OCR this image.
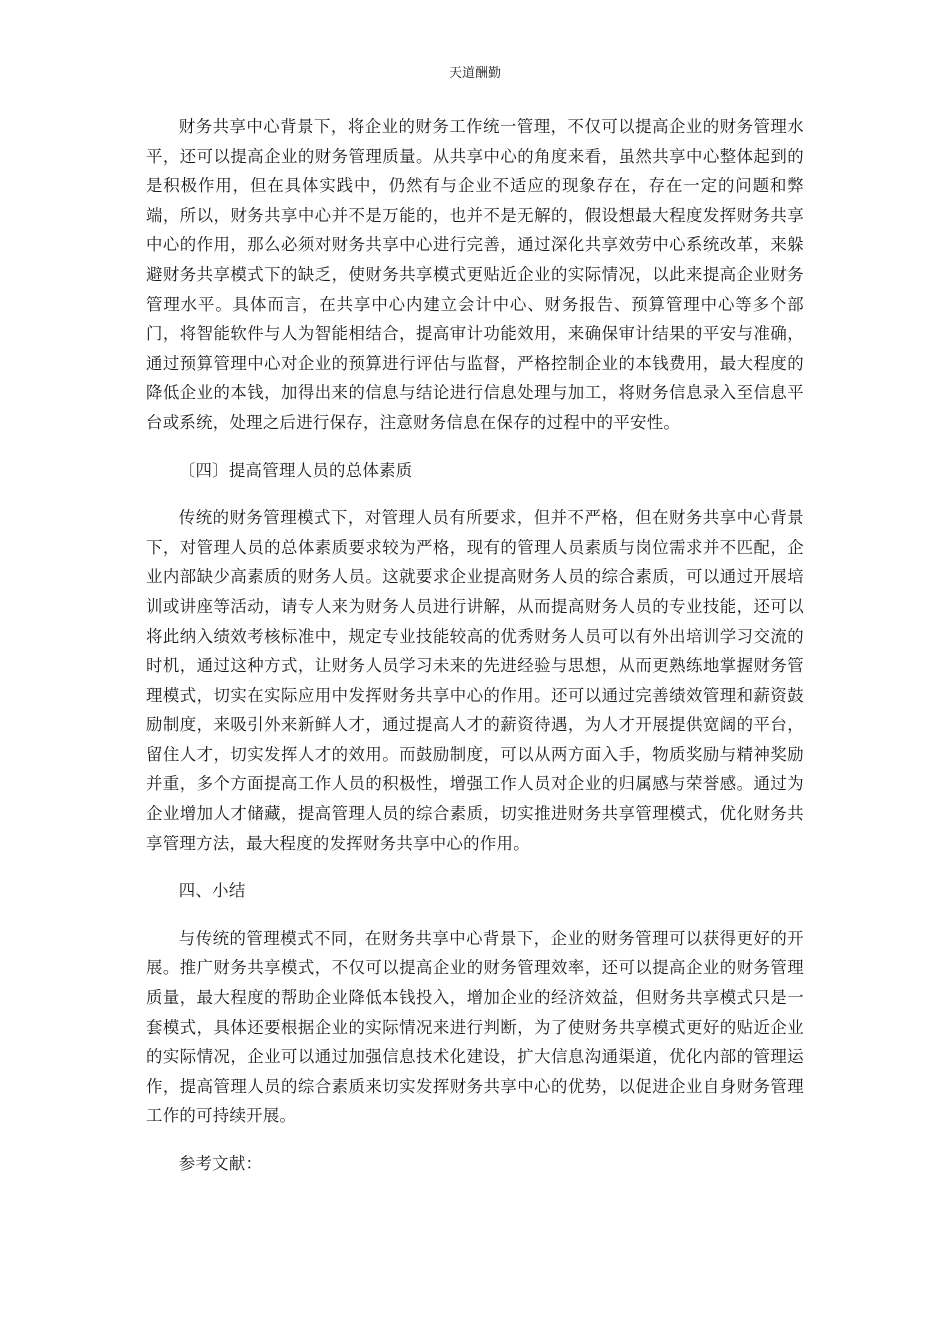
天道酬勤

财务共享中心背景下，将企业的财务工作统一管理，不仅可以提高企业的财务管理水平，还可以提高企业的财务管理质量。从共享中心的角度来看，虽然共享中心整体起到的是积极作用，但在具体实践中，仍然有与企业不适应的现象存在，存在一定的问题和弊端，所以，财务共享中心并不是万能的，也并不是无解的，假设想最大程度发挥财务共享中心的作用，那么必须对财务共享中心进行完善，通过深化共享效劳中心系统改革，来躲避财务共享模式下的缺乏，使财务共享模式更贴近企业的实际情况，以此来提高企业财务管理水平。具体而言，在共享中心内建立会计中心、财务报告、预算管理中心等多个部门，将智能软件与人为智能相结合，提高审计功能效用，来确保审计结果的平安与准确，通过预算管理中心对企业的预算进行评估与监督，严格控制企业的本钱费用，最大程度的降低企业的本钱，加得出来的信息与结论进行信息处理与加工，将财务信息录入至信息平台或系统，处理之后进行保存，注意财务信息在保存的过程中的平安性。

〔四〕提高管理人员的总体素质

传统的财务管理模式下，对管理人员有所要求，但并不严格，但在财务共享中心背景下，对管理人员的总体素质要求较为严格，现有的管理人员素质与岗位需求并不匹配，企业内部缺少高素质的财务人员。这就要求企业提高财务人员的综合素质，可以通过开展培训或讲座等活动，请专人来为财务人员进行讲解，从而提高财务人员的专业技能，还可以将此纳入绩效考核标准中，规定专业技能较高的优秀财务人员可以有外出培训学习交流的时机，通过这种方式，让财务人员学习未来的先进经验与思想，从而更熟练地掌握财务管理模式，切实在实际应用中发挥财务共享中心的作用。还可以通过完善绩效管理和薪资鼓励制度，来吸引外来新鲜人才，通过提高人才的薪资待遇，为人才开展提供宽阔的平台，留住人才，切实发挥人才的效用。而鼓励制度，可以从两方面入手，物质奖励与精神奖励并重，多个方面提高工作人员的积极性，增强工作人员对企业的归属感与荣誉感。通过为企业增加人才储藏，提高管理人员的综合素质，切实推进财务共享管理模式，优化财务共享管理方法，最大程度的发挥财务共享中心的作用。

四、小结

与传统的管理模式不同，在财务共享中心背景下，企业的财务管理可以获得更好的开展。推广财务共享模式，不仅可以提高企业的财务管理效率，还可以提高企业的财务管理质量，最大程度的帮助企业降低本钱投入，增加企业的经济效益，但财务共享模式只是一套模式，具体还要根据企业的实际情况来进行判断，为了使财务共享模式更好的贴近企业的实际情况，企业可以通过加强信息技术化建设，扩大信息沟通渠道，优化内部的管理运作，提高管理人员的综合素质来切实发挥财务共享中心的优势，以促进企业自身财务管理工作的可持续开展。

参考文献：
